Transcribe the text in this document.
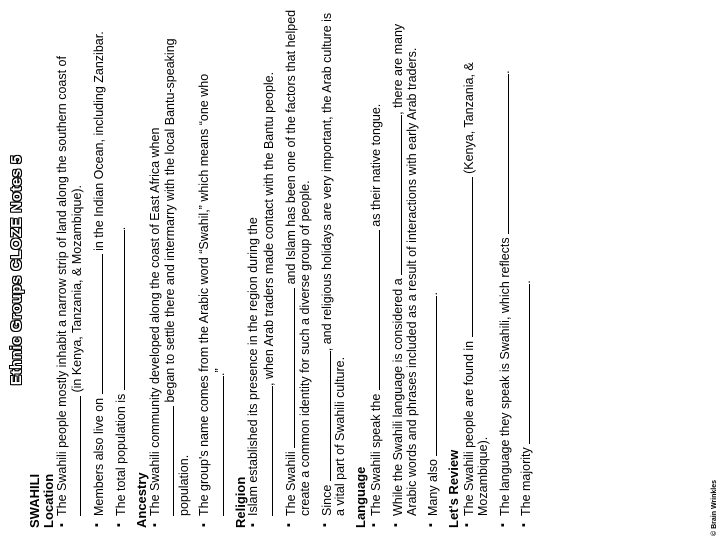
Ethnic Groups CLOZE Notes 5
SWAHILI
Location
▪ The Swahili people mostly inhabit a narrow strip of land along the southern coast of (in Kenya, Tanzania, & Mozambique).
▪ Members also live on  in the Indian Ocean, including Zanzibar.
▪ The total population is .
Ancestry
▪ The Swahili community developed along the coast of East Africa when began to settle there and intermarry with the local Bantu-speaking population. ▪ The group's name comes from the Arabic word “Swahil,” which means “one who .”
Religion
▪ Islam established its presence in the region during the , when Arab traders made contact with the Bantu people.
▪ The Swahili  and Islam has been one of the factors that helped create a common identity for such a diverse group of people. ▪ Since , and religious holidays are very important, the Arab culture is a vital part of Swahili culture. Language ▪ The Swahili speak the  as their native tongue.
▪ While the Swahili language is considered a , there are many Arabic words and phrases included as a result of interactions with early Arab traders.
▪ Many also .
Let's Review ▪ The Swahili people are found in  (Kenya, Tanzania, & Mozambique). ▪ The language they speak is Swahili, which reflects .
▪ The majority .
© Brain Wrinkles
